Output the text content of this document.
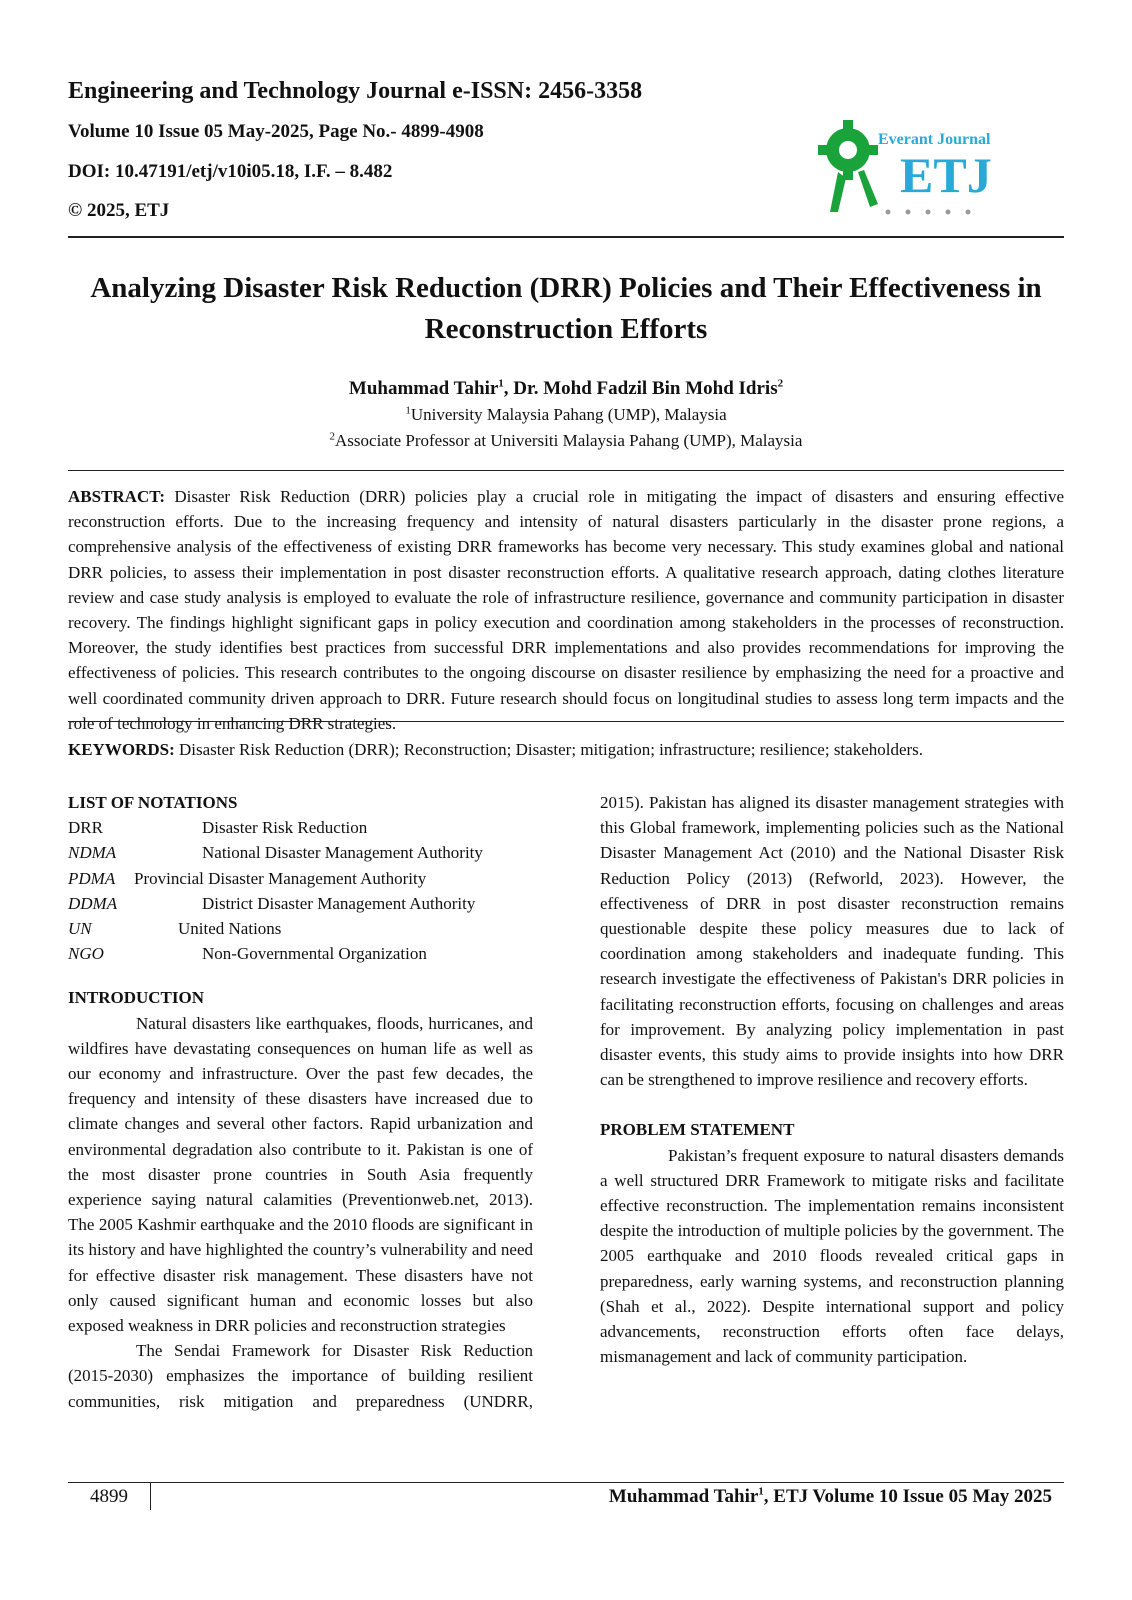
Engineering and Technology Journal e-ISSN: 2456-3358
Volume 10 Issue 05 May-2025, Page No.- 4899-4908
DOI: 10.47191/etj/v10i05.18, I.F. – 8.482
© 2025, ETJ
Everant Journal
ETJ
Analyzing Disaster Risk Reduction (DRR) Policies and Their Effectiveness in Reconstruction Efforts
Muhammad Tahir$^1$, Dr. Mohd Fadzil Bin Mohd Idris$^2$
$^1$University Malaysia Pahang (UMP), Malaysia
$^2$Associate Professor at Universiti Malaysia Pahang (UMP), Malaysia
ABSTRACT: Disaster Risk Reduction (DRR) policies play a crucial role in mitigating the impact of disasters and ensuring effective reconstruction efforts. Due to the increasing frequency and intensity of natural disasters particularly in the disaster prone regions, a comprehensive analysis of the effectiveness of existing DRR frameworks has become very necessary. This study examines global and national DRR policies, to assess their implementation in post disaster reconstruction efforts. A qualitative research approach, dating clothes literature review and case study analysis is employed to evaluate the role of infrastructure resilience, governance and community participation in disaster recovery. The findings highlight significant gaps in policy execution and coordination among stakeholders in the processes of reconstruction. Moreover, the study identifies best practices from successful DRR implementations and also provides recommendations for improving the effectiveness of policies. This research contributes to the ongoing discourse on disaster resilience by emphasizing the need for a proactive and well coordinated community driven approach to DRR. Future research should focus on longitudinal studies to assess long term impacts and the role of technology in enhancing DRR strategies.
KEYWORDS: Disaster Risk Reduction (DRR); Reconstruction; Disaster; mitigation; infrastructure; resilience; stakeholders.

LIST OF NOTATIONS

DRR	Disaster Risk Reduction
NDMA	National Disaster Management Authority
PDMA Provincial Disaster Management Authority
DDMA	District Disaster Management Authority
UN	United Nations
NGO	Non-Governmental Organization

INTRODUCTION

Natural disasters like earthquakes, floods, hurricanes, and wildfires have devastating consequences on human life as well as our economy and infrastructure. Over the past few decades, the frequency and intensity of these disasters have increased due to climate changes and several other factors. Rapid urbanization and environmental degradation also contribute to it. Pakistan is one of the most disaster prone countries in South Asia frequently experience saying natural calamities (Preventionweb.net, 2013). The 2005 Kashmir earthquake and the 2010 floods are significant in its history and have highlighted the country’s vulnerability and need for effective disaster risk management. These disasters have not only caused significant human and economic losses but also exposed weakness in DRR policies and reconstruction strategies

The Sendai Framework for Disaster Risk Reduction (2015-2030) emphasizes the importance of building resilient communities, risk mitigation and preparedness (UNDRR,

2015). Pakistan has aligned its disaster management strategies with this Global framework, implementing policies such as the National Disaster Management Act (2010) and the National Disaster Risk Reduction Policy (2013) (Refworld, 2023). However, the effectiveness of DRR in post disaster reconstruction remains questionable despite these policy measures due to lack of coordination among stakeholders and inadequate funding. This research investigate the effectiveness of Pakistan's DRR policies in facilitating reconstruction efforts, focusing on challenges and areas for improvement. By analyzing policy implementation in past disaster events, this study aims to provide insights into how DRR can be strengthened to improve resilience and recovery efforts.

PROBLEM STATEMENT

Pakistan’s frequent exposure to natural disasters demands a well structured DRR Framework to mitigate risks and facilitate effective reconstruction. The implementation remains inconsistent despite the introduction of multiple policies by the government. The 2005 earthquake and 2010 floods revealed critical gaps in preparedness, early warning systems, and reconstruction planning (Shah et al., 2022). Despite international support and policy advancements, reconstruction efforts often face delays, mismanagement and lack of community participation.

4899	Muhammad Tahir$^1$, ETJ Volume 10 Issue 05 May 2025
